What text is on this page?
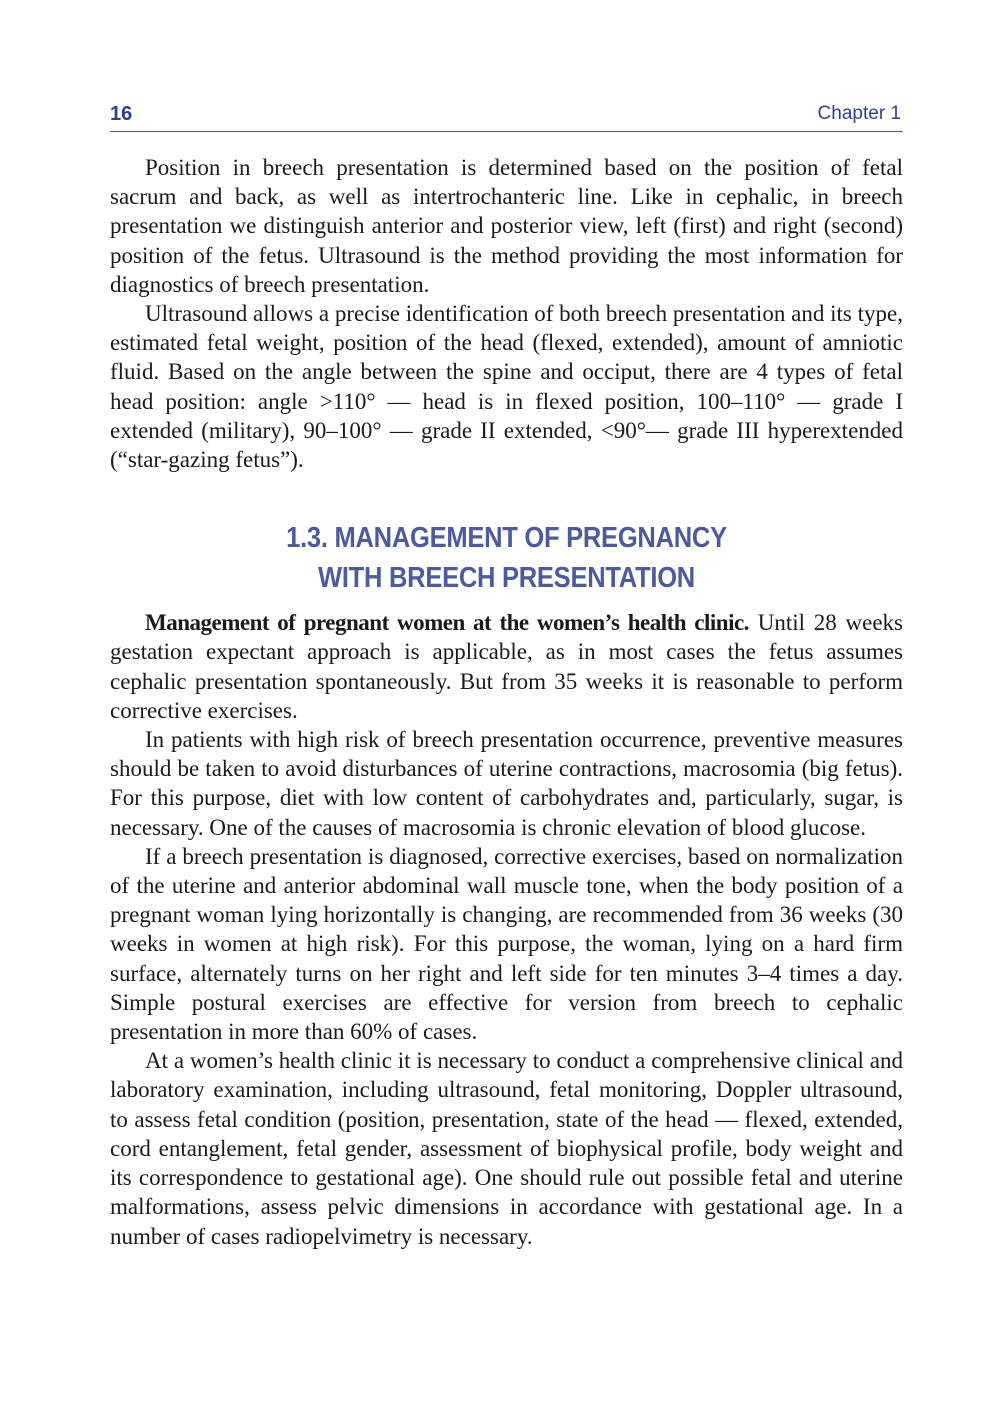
16	Chapter 1

Position in breech presentation is determined based on the position of fetal sacrum and back, as well as intertrochanteric line. Like in cephalic, in breech presentation we distinguish anterior and posterior view, left (first) and right (second) position of the fetus. Ultrasound is the method providing the most information for diagnostics of breech presentation.

Ultrasound allows a precise identification of both breech presentation and its type, estimated fetal weight, position of the head (flexed, extended), amount of amniotic fluid. Based on the angle between the spine and occiput, there are 4 types of fetal head position: angle >110° — head is in flexed position, 100–110° — grade I extended (military), 90–100° — grade II extended, <90°— grade III hyperextended (“star-gazing fetus”).

1.3. MANAGEMENT OF PREGNANCY
WITH BREECH PRESENTATION

Management of pregnant women at the women’s health clinic. Until 28 weeks gestation expectant approach is applicable, as in most cases the fetus assumes cephalic presentation spontaneously. But from 35 weeks it is reasonable to perform corrective exercises.

In patients with high risk of breech presentation occurrence, preventive measures should be taken to avoid disturbances of uterine contractions, macrosomia (big fetus). For this purpose, diet with low content of carbohydrates and, particularly, sugar, is necessary. One of the causes of macrosomia is chronic elevation of blood glucose.

If a breech presentation is diagnosed, corrective exercises, based on normalization of the uterine and anterior abdominal wall muscle tone, when the body position of a pregnant woman lying horizontally is changing, are recommended from 36 weeks (30 weeks in women at high risk). For this purpose, the woman, lying on a hard firm surface, alternately turns on her right and left side for ten minutes 3–4 times a day. Simple postural exercises are effective for version from breech to cephalic presentation in more than 60% of cases.

At a women’s health clinic it is necessary to conduct a comprehensive clinical and laboratory examination, including ultrasound, fetal monitoring, Doppler ultrasound, to assess fetal condition (position, presentation, state of the head — flexed, extended, cord entanglement, fetal gender, assessment of biophysical profile, body weight and its correspondence to gestational age). One should rule out possible fetal and uterine malformations, assess pelvic dimensions in accordance with gestational age. In a number of cases radiopelvimetry is necessary.
